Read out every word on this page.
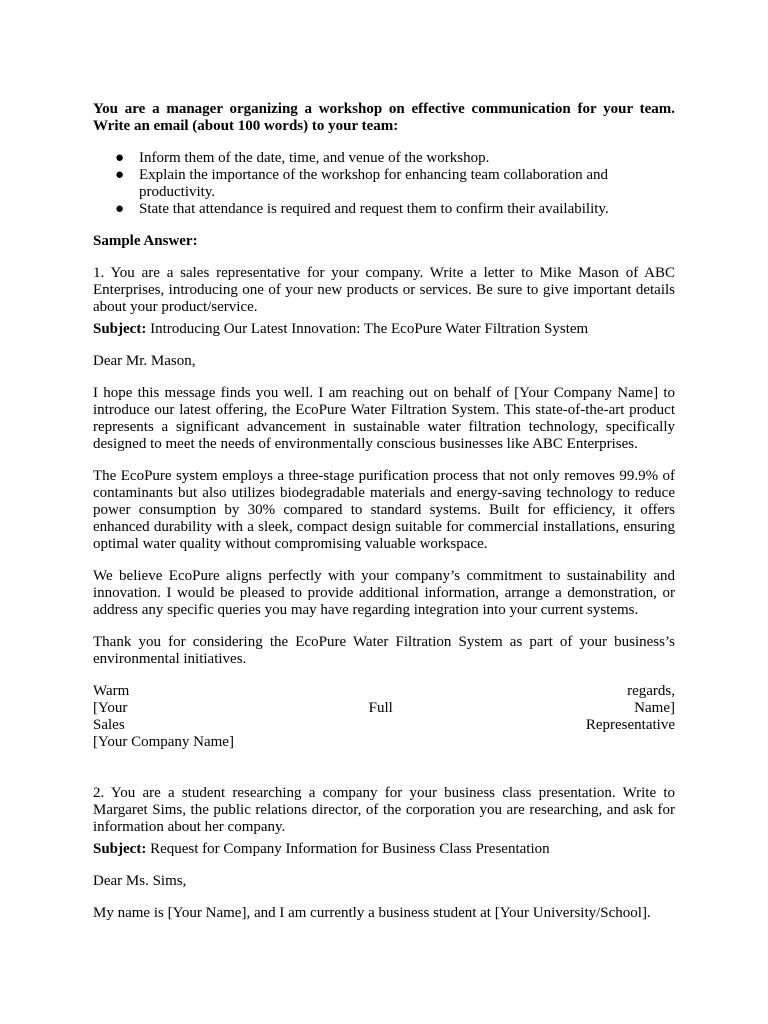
You are a manager organizing a workshop on effective communication for your team. Write an email (about 100 words) to your team:

● Inform them of the date, time, and venue of the workshop.
● Explain the importance of the workshop for enhancing team collaboration and productivity.
● State that attendance is required and request them to confirm their availability.

Sample Answer:

1. You are a sales representative for your company. Write a letter to Mike Mason of ABC Enterprises, introducing one of your new products or services. Be sure to give important details about your product/service.

Subject: Introducing Our Latest Innovation: The EcoPure Water Filtration System

Dear Mr. Mason,

I hope this message finds you well. I am reaching out on behalf of [Your Company Name] to introduce our latest offering, the EcoPure Water Filtration System. This state-of-the-art product represents a significant advancement in sustainable water filtration technology, specifically designed to meet the needs of environmentally conscious businesses like ABC Enterprises.

The EcoPure system employs a three-stage purification process that not only removes 99.9% of contaminants but also utilizes biodegradable materials and energy-saving technology to reduce power consumption by 30% compared to standard systems. Built for efficiency, it offers enhanced durability with a sleek, compact design suitable for commercial installations, ensuring optimal water quality without compromising valuable workspace.

We believe EcoPure aligns perfectly with your company’s commitment to sustainability and innovation. I would be pleased to provide additional information, arrange a demonstration, or address any specific queries you may have regarding integration into your current systems.

Thank you for considering the EcoPure Water Filtration System as part of your business’s environmental initiatives.

Warm	regards,
[Your	Full	Name]
Sales	Representative
[Your Company Name]

2. You are a student researching a company for your business class presentation. Write to Margaret Sims, the public relations director, of the corporation you are researching, and ask for information about her company.

Subject: Request for Company Information for Business Class Presentation

Dear Ms. Sims,

My name is [Your Name], and I am currently a business student at [Your University/School].
